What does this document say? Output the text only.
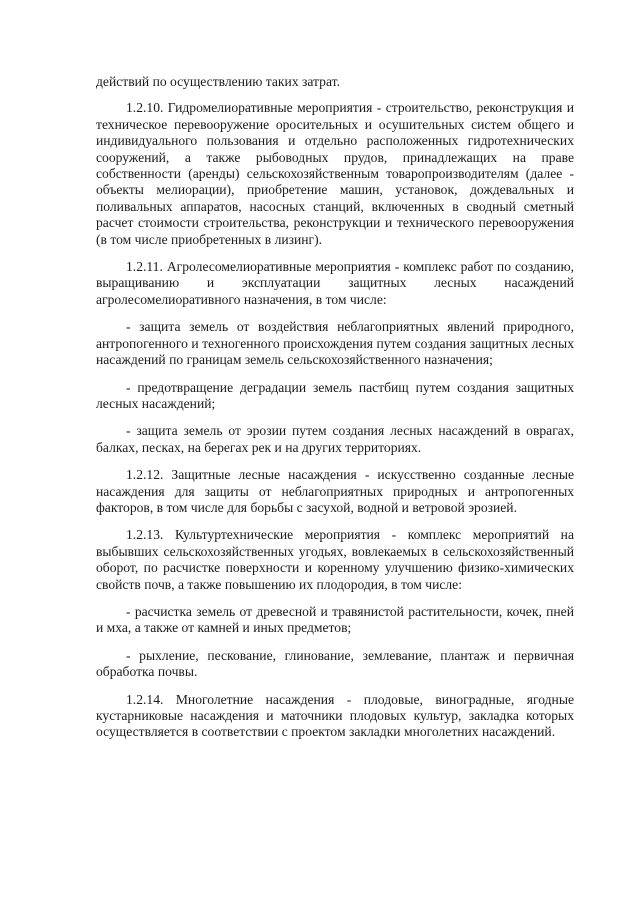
действий по осуществлению таких затрат.

1.2.10. Гидромелиоративные мероприятия - строительство, реконструкция и техническое перевооружение оросительных и осушительных систем общего и индивидуального пользования и отдельно расположенных гидротехнических сооружений, а также рыбоводных прудов, принадлежащих на праве собственности (аренды) сельскохозяйственным товаропроизводителям (далее - объекты мелиорации), приобретение машин, установок, дождевальных и поливальных аппаратов, насосных станций, включенных в сводный сметный расчет стоимости строительства, реконструкции и технического перевооружения (в том числе приобретенных в лизинг).

1.2.11. Агролесомелиоративные мероприятия - комплекс работ по созданию, выращиванию и эксплуатации защитных лесных насаждений агролесомелиоративного назначения, в том числе:

- защита земель от воздействия неблагоприятных явлений природного, антропогенного и техногенного происхождения путем создания защитных лесных насаждений по границам земель сельскохозяйственного назначения;

- предотвращение деградации земель пастбищ путем создания защитных лесных насаждений;

- защита земель от эрозии путем создания лесных насаждений в оврагах, балках, песках, на берегах рек и на других территориях.

1.2.12. Защитные лесные насаждения - искусственно созданные лесные насаждения для защиты от неблагоприятных природных и антропогенных факторов, в том числе для борьбы с засухой, водной и ветровой эрозией.

1.2.13. Культуртехнические мероприятия - комплекс мероприятий на выбывших сельскохозяйственных угодьях, вовлекаемых в сельскохозяйственный оборот, по расчистке поверхности и коренному улучшению физико-химических свойств почв, а также повышению их плодородия, в том числе:

- расчистка земель от древесной и травянистой растительности, кочек, пней и мха, а также от камней и иных предметов;

- рыхление, пескование, глинование, землевание, плантаж и первичная обработка почвы.

1.2.14. Многолетние насаждения - плодовые, виноградные, ягодные кустарниковые насаждения и маточники плодовых культур, закладка которых осуществляется в соответствии с проектом закладки многолетних насаждений.
